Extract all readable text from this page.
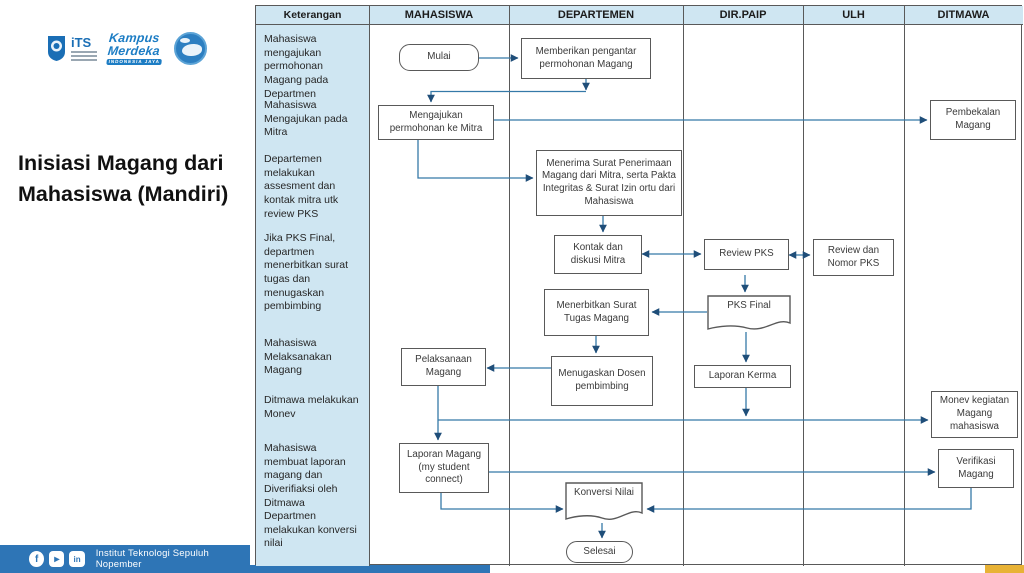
iTS	Kampus
Merdeka
INDONESIA JAYA
Inisiasi Magang dari Mahasiswa (Mandiri)
f	▸	in	Institut Teknologi Sepuluh Nopember
Keterangan	MAHASISWA	DEPARTEMEN	DIR.PAIP	ULH	DITMAWA
Mahasiswa mengajukan permohonan Magang pada Departmen
Mahasiswa Mengajukan pada Mitra
Departemen melakukan assesment dan kontak mitra utk review PKS
Jika PKS Final, departmen menerbitkan surat tugas dan menugaskan pembimbing
Mahasiswa Melaksanakan Magang
Ditmawa melakukan Monev
Mahasiswa membuat laporan magang dan Diverifiaksi oleh Ditmawa
Departmen melakukan konversi nilai
Mulai	Memberikan pengantar permohonan Magang
Mengajukan permohonan ke Mitra
Pembekalan Magang
Menerima Surat Penerimaan Magang dari Mitra, serta Pakta Integritas & Surat Izin ortu dari Mahasiswa
Kontak dan diskusi Mitra
Review PKS	Review dan Nomor PKS
Menerbitkan Surat Tugas Magang
PKS Final
Laporan Kerma
Menugaskan Dosen pembimbing
Pelaksanaan Magang
Monev kegiatan Magang mahasiswa
Laporan Magang (my student connect)
Verifikasi Magang
Konversi Nilai
Selesai
